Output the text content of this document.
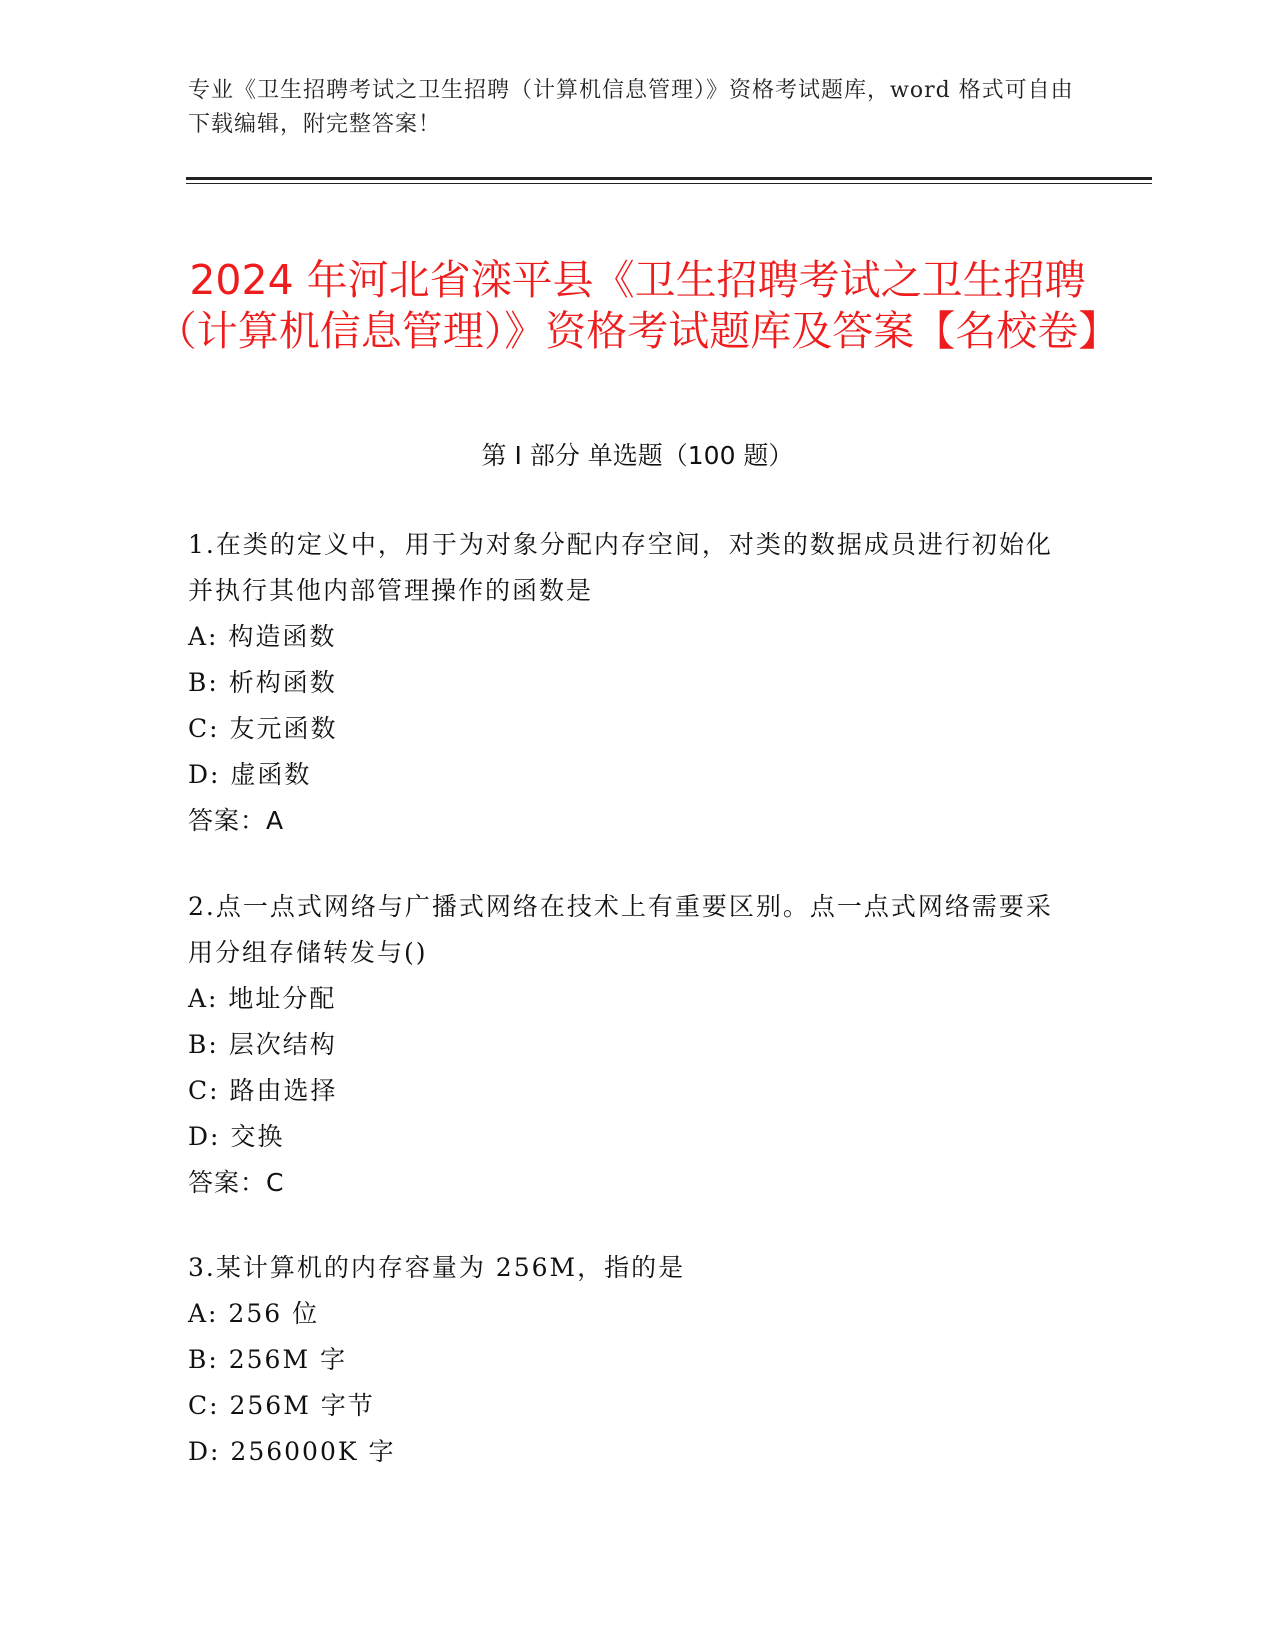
专业《卫生招聘考试之卫生招聘（计算机信息管理）》资格考试题库，word 格式可自由下载编辑，附完整答案！
2024 年河北省滦平县《卫生招聘考试之卫生招聘（计算机信息管理）》资格考试题库及答案【名校卷】
第 I 部分 单选题（100 题）
1.在类的定义中，用于为对象分配内存空间，对类的数据成员进行初始化并执行其他内部管理操作的函数是
A: 构造函数
B: 析构函数
C: 友元函数
D: 虚函数
答案：A
2.点一点式网络与广播式网络在技术上有重要区别。点一点式网络需要采用分组存储转发与()
A: 地址分配
B: 层次结构
C: 路由选择
D: 交换
答案：C
3.某计算机的内存容量为 256M，指的是
A: 256 位
B: 256M 字
C: 256M 字节
D: 256000K 字
